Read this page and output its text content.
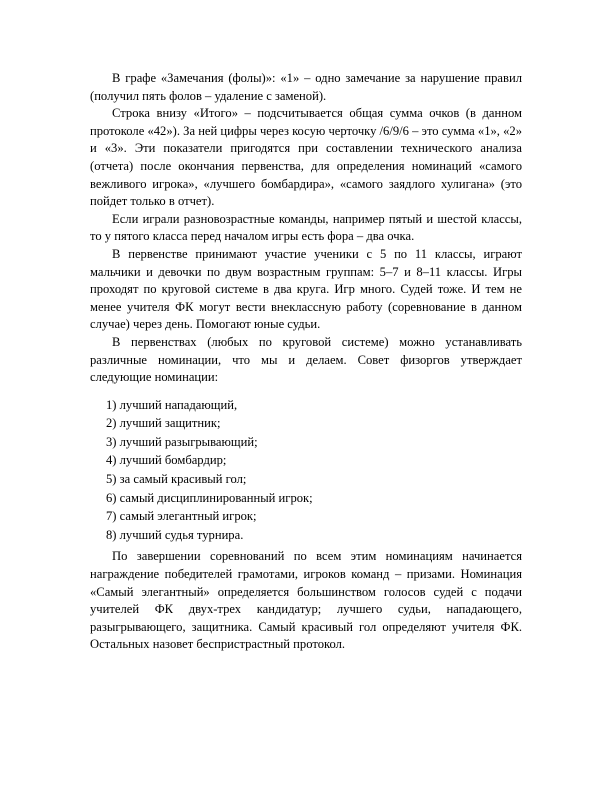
В графе «Замечания (фолы)»: «1» – одно замечание за нарушение правил (получил пять фолов – удаление с заменой).

Строка внизу «Итого» – подсчитывается общая сумма очков (в данном протоколе «42»). За ней цифры через косую черточку /6/9/6 – это сумма «1», «2» и «3». Эти показатели пригодятся при составлении технического анализа (отчета) после окончания первенства, для определения номинаций «самого вежливого игрока», «лучшего бомбардира», «самого заядлого хулигана» (это пойдет только в отчет).

Если играли разновозрастные команды, например пятый и шестой классы, то у пятого класса перед началом игры есть фора – два очка.

В первенстве принимают участие ученики с 5 по 11 классы, играют мальчики и девочки по двум возрастным группам: 5–7 и 8–11 классы. Игры проходят по круговой системе в два круга. Игр много. Судей тоже. И тем не менее учителя ФК могут вести внеклассную работу (соревнование в данном случае) через день. Помогают юные судьи.

В первенствах (любых по круговой системе) можно устанавливать различные номинации, что мы и делаем. Совет физоргов утверждает следующие номинации:

1) лучший нападающий,
2) лучший защитник;
3) лучший разыгрывающий;
4) лучший бомбардир;
5) за самый красивый гол;
6) самый дисциплинированный игрок;
7) самый элегантный игрок;
8) лучший судья турнира.

По завершении соревнований по всем этим номинациям начинается награждение победителей грамотами, игроков команд – призами. Номинация «Самый элегантный» определяется большинством голосов судей с подачи учителей ФК двух-трех кандидатур; лучшего судьи, нападающего, разыгрывающего, защитника. Самый красивый гол определяют учителя ФК. Остальных назовет беспристрастный протокол.
